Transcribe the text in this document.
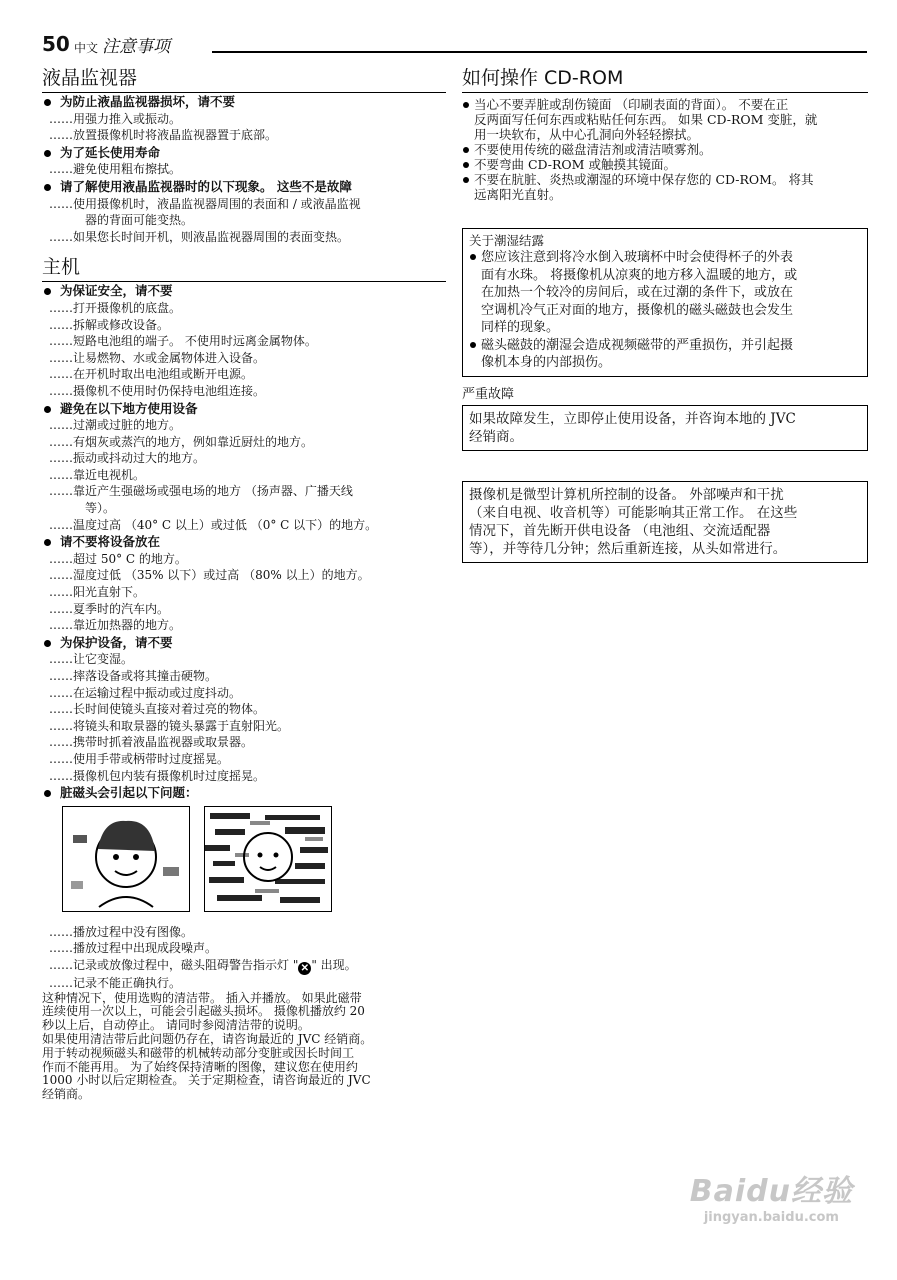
50 中文 注意事项
液晶监视器
为防止液晶监视器损坏，请不要
……用强力推入或振动。
……放置摄像机时将液晶监视器置于底部。
为了延长使用寿命
……避免使用粗布擦拭。
请了解使用液晶监视器时的以下现象。 这些不是故障
……使用摄像机时，液晶监视器周围的表面和 / 或液晶监视
器的背面可能变热。
……如果您长时间开机，则液晶监视器周围的表面变热。
主机
为保证安全，请不要
……打开摄像机的底盘。
……拆解或修改设备。
……短路电池组的端子。 不使用时远离金属物体。
……让易燃物、水或金属物体进入设备。
……在开机时取出电池组或断开电源。
……摄像机不使用时仍保持电池组连接。
避免在以下地方使用设备
……过潮或过脏的地方。
……有烟灰或蒸汽的地方，例如靠近厨灶的地方。
……振动或抖动过大的地方。
……靠近电视机。
……靠近产生强磁场或强电场的地方 （扬声器、广播天线
等）。
……温度过高 （40° C 以上）或过低 （0° C 以下）的地方。
请不要将设备放在
……超过 50° C 的地方。
……湿度过低 （35% 以下）或过高 （80% 以上）的地方。
……阳光直射下。
……夏季时的汽车内。
……靠近加热器的地方。
为保护设备，请不要
……让它变湿。
……摔落设备或将其撞击硬物。
……在运输过程中振动或过度抖动。
……长时间使镜头直接对着过亮的物体。
……将镜头和取景器的镜头暴露于直射阳光。
……携带时抓着液晶监视器或取景器。
……使用手带或柄带时过度摇晃。
……摄像机包内装有摄像机时过度摇晃。
脏磁头会引起以下问题：
……播放过程中没有图像。
……播放过程中出现成段噪声。
……记录或放像过程中，磁头阻碍警告指示灯 " ✕ " 出现。
……记录不能正确执行。
这种情况下，使用选购的清洁带。 插入并播放。 如果此磁带
连续使用一次以上，可能会引起磁头损坏。 摄像机播放约 20
秒以上后，自动停止。 请同时参阅清洁带的说明。
如果使用清洁带后此问题仍存在，请咨询最近的 JVC 经销商。
用于转动视频磁头和磁带的机械转动部分变脏或因长时间工
作而不能再用。 为了始终保持清晰的图像，建议您在使用约
1000 小时以后定期检查。 关于定期检查，请咨询最近的 JVC
经销商。
如何操作 CD-ROM
当心不要弄脏或刮伤镜面 （印刷表面的背面）。 不要在正
反两面写任何东西或粘贴任何东西。 如果 CD-ROM 变脏，就
用一块软布，从中心孔洞向外轻轻擦拭。
不要使用传统的磁盘清洁剂或清洁喷雾剂。
不要弯曲 CD-ROM 或触摸其镜面。
不要在肮脏、炎热或潮湿的环境中保存您的 CD-ROM。 将其
远离阳光直射。
关于潮湿结露
您应该注意到将冷水倒入玻璃杯中时会使得杯子的外表
面有水珠。 将摄像机从凉爽的地方移入温暖的地方，或
在加热一个较冷的房间后，或在过潮的条件下，或放在
空调机冷气正对面的地方，摄像机的磁头磁鼓也会发生
同样的现象。
磁头磁鼓的潮湿会造成视频磁带的严重损伤，并引起摄
像机本身的内部损伤。
严重故障
如果故障发生，立即停止使用设备，并咨询本地的 JVC
经销商。
摄像机是微型计算机所控制的设备。 外部噪声和干扰
（来自电视、收音机等）可能影响其正常工作。 在这些
情况下，首先断开供电设备 （电池组、交流适配器
等），并等待几分钟；然后重新连接，从头如常进行。
Baidu经验
jingyan.baidu.com
